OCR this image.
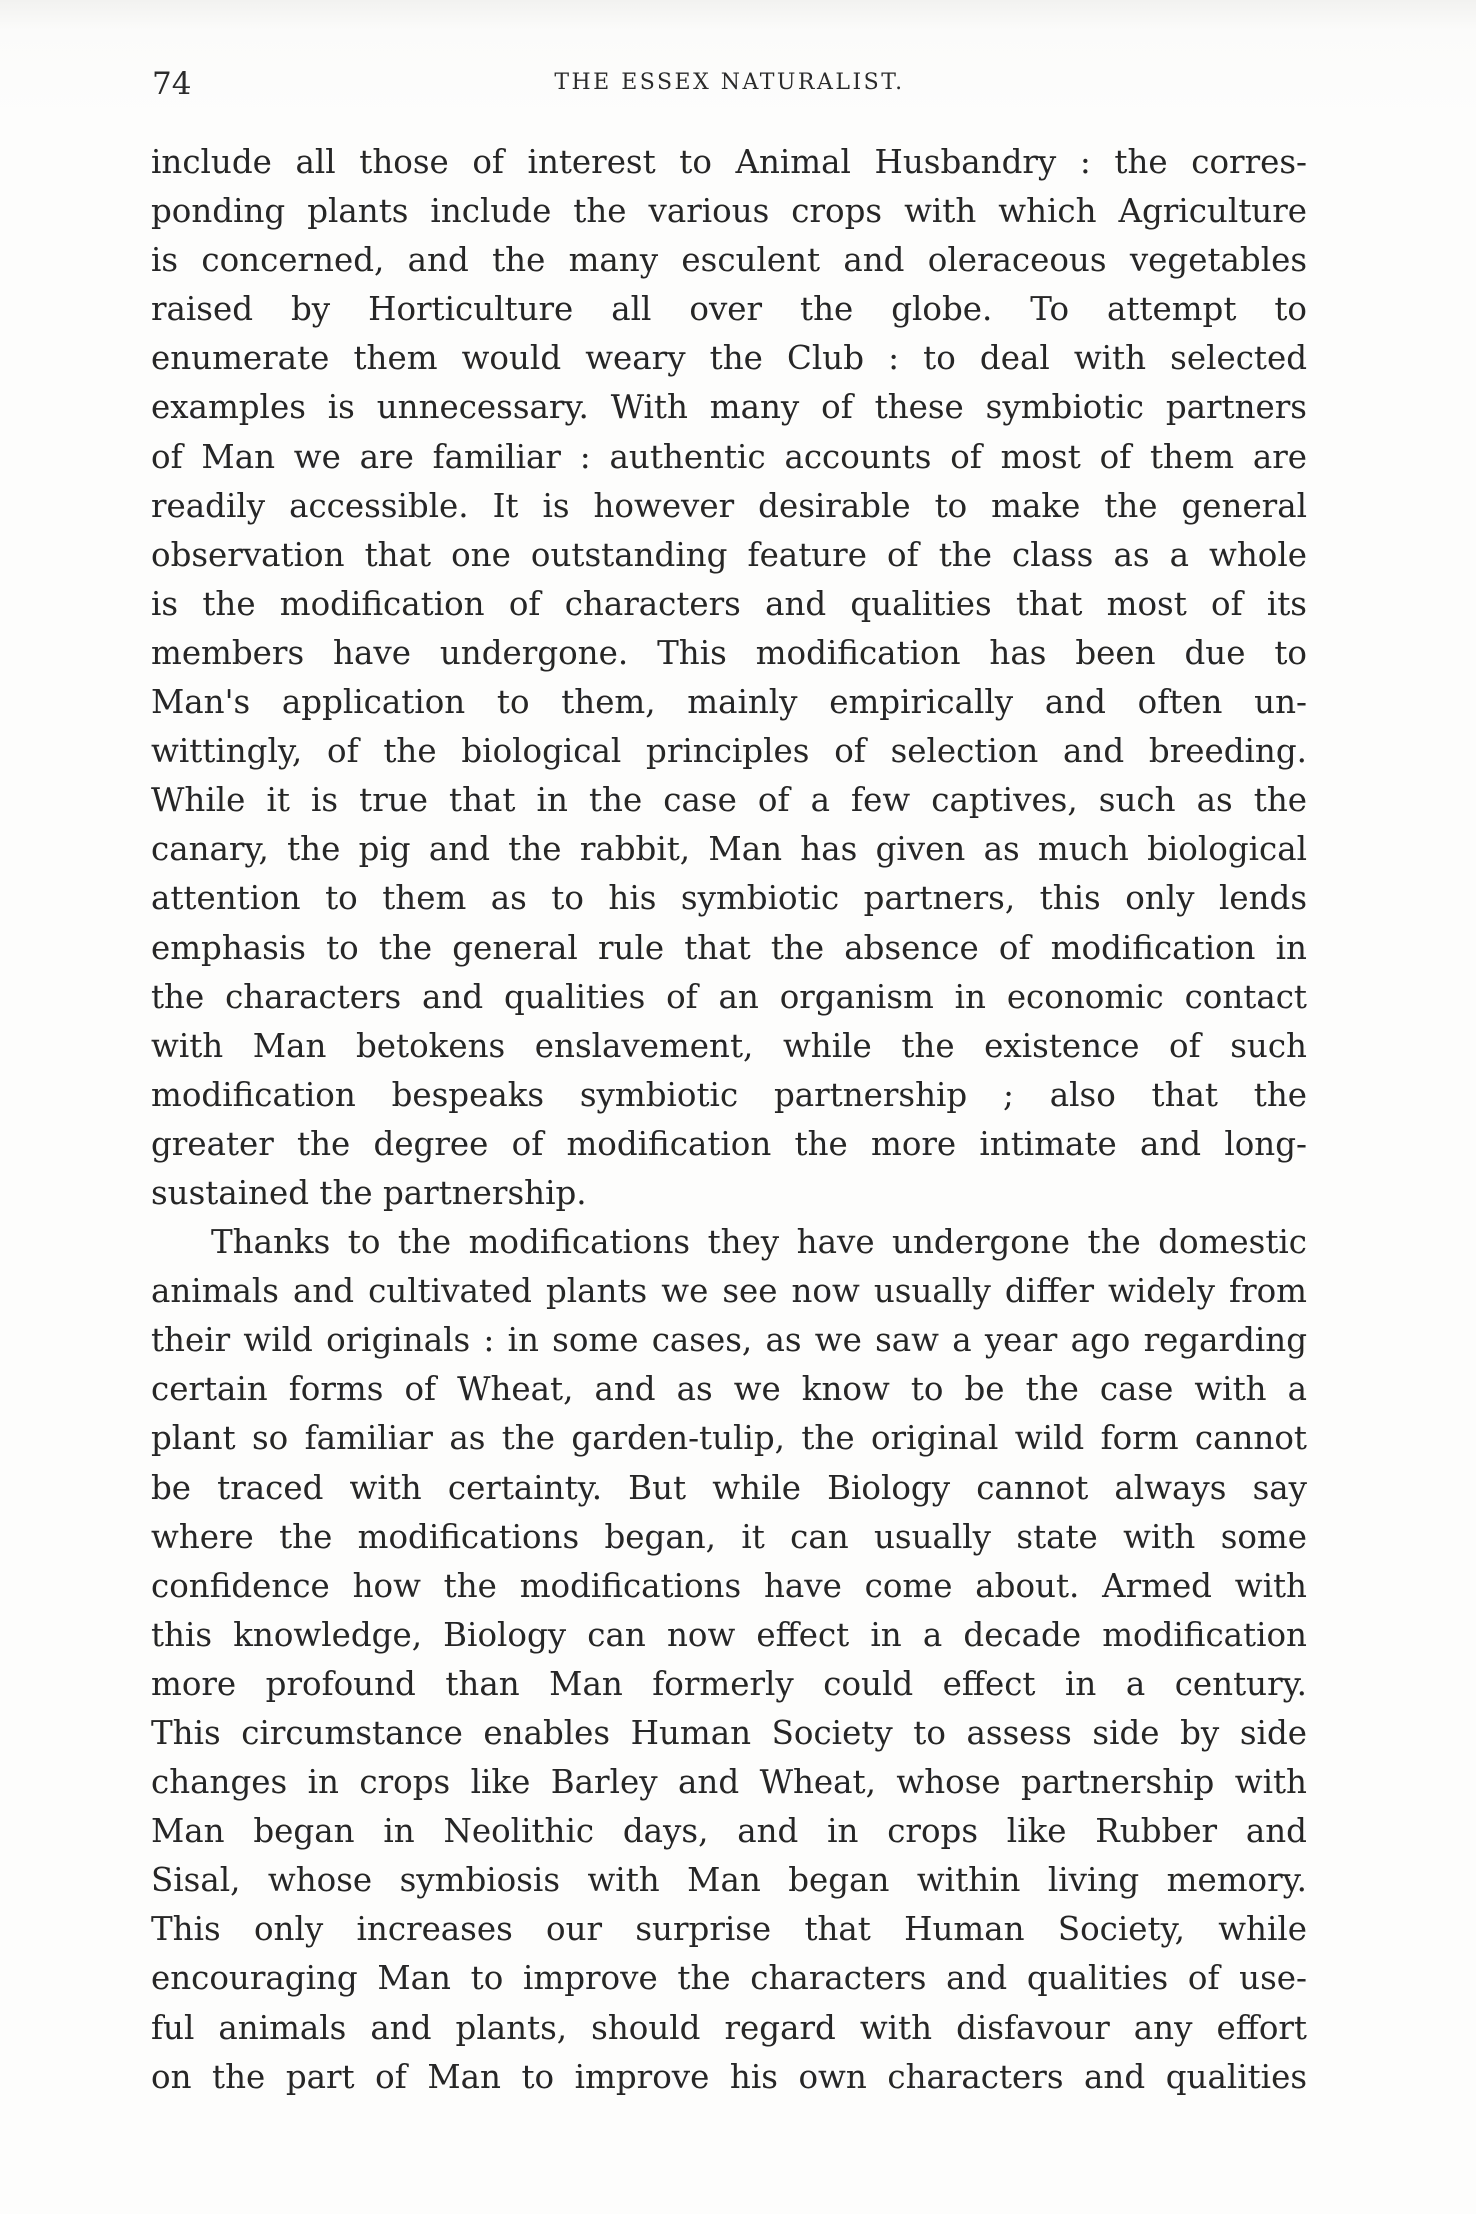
74	THE ESSEX NATURALIST.
include all those of interest to Animal Husbandry : the corres-
ponding plants include the various crops with which Agriculture
is concerned, and the many esculent and oleraceous vegetables
raised by Horticulture all over the globe. To attempt to
enumerate them would weary the Club : to deal with selected
examples is unnecessary. With many of these symbiotic partners
of Man we are familiar : authentic accounts of most of them are
readily accessible. It is however desirable to make the general
observation that one outstanding feature of the class as a whole
is the modification of characters and qualities that most of its
members have undergone. This modification has been due to
Man's application to them, mainly empirically and often un-
wittingly, of the biological principles of selection and breeding.
While it is true that in the case of a few captives, such as the
canary, the pig and the rabbit, Man has given as much biological
attention to them as to his symbiotic partners, this only lends
emphasis to the general rule that the absence of modification in
the characters and qualities of an organism in economic contact
with Man betokens enslavement, while the existence of such
modification bespeaks symbiotic partnership ; also that the
greater the degree of modification the more intimate and long-
sustained the partnership.
Thanks to the modifications they have undergone the domestic
animals and cultivated plants we see now usually differ widely from
their wild originals : in some cases, as we saw a year ago regarding
certain forms of Wheat, and as we know to be the case with a
plant so familiar as the garden-tulip, the original wild form cannot
be traced with certainty. But while Biology cannot always say
where the modifications began, it can usually state with some
confidence how the modifications have come about. Armed with
this knowledge, Biology can now effect in a decade modification
more profound than Man formerly could effect in a century.
This circumstance enables Human Society to assess side by side
changes in crops like Barley and Wheat, whose partnership with
Man began in Neolithic days, and in crops like Rubber and
Sisal, whose symbiosis with Man began within living memory.
This only increases our surprise that Human Society, while
encouraging Man to improve the characters and qualities of use-
ful animals and plants, should regard with disfavour any effort
on the part of Man to improve his own characters and qualities
